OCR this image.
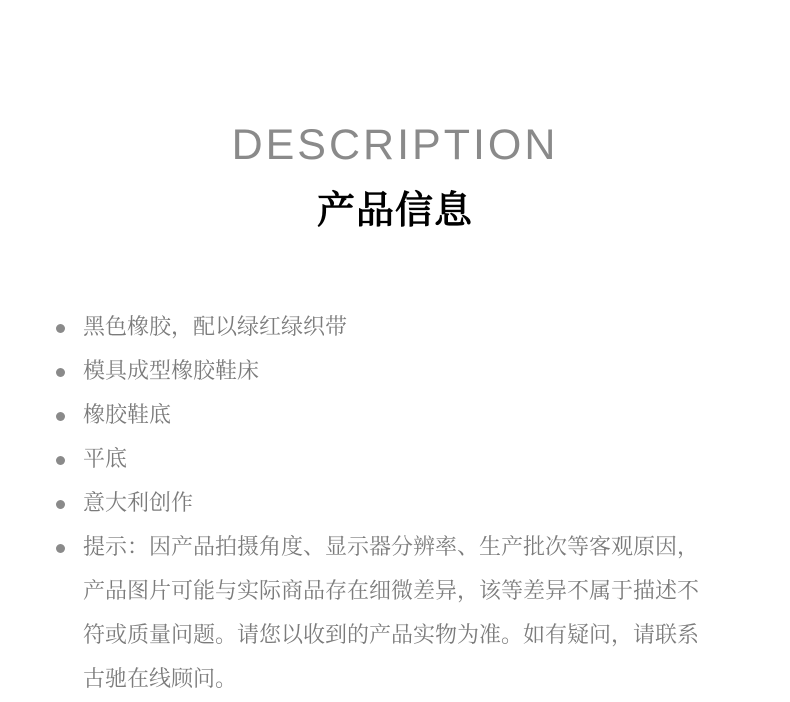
DESCRIPTION
产品信息
黑色橡胶，配以绿红绿织带
模具成型橡胶鞋床
橡胶鞋底
平底
意大利创作
提示：因产品拍摄角度、显示器分辨率、生产批次等客观原因，产品图片可能与实际商品存在细微差异，该等差异不属于描述不符或质量问题。请您以收到的产品实物为准。如有疑问，请联系古驰在线顾问。
